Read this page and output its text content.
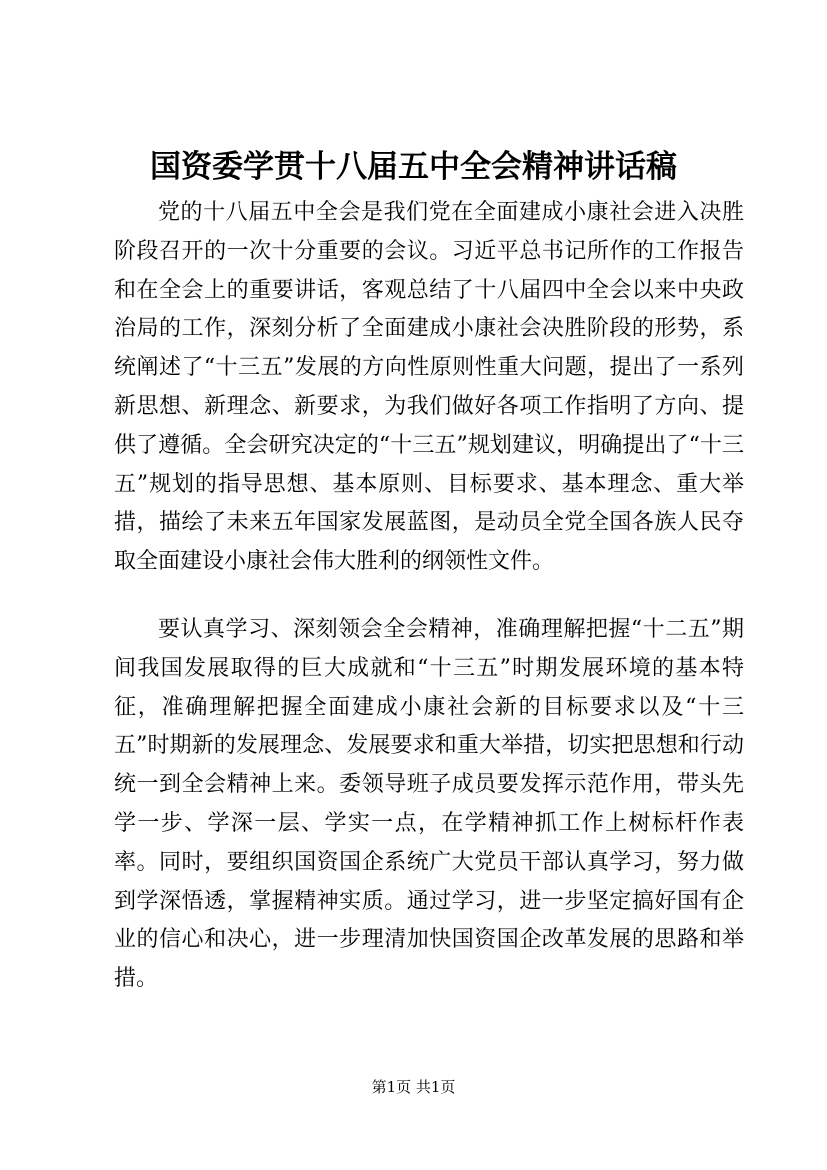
国资委学贯十八届五中全会精神讲话稿

党的十八届五中全会是我们党在全面建成小康社会进入决胜阶段召开的一次十分重要的会议。习近平总书记所作的工作报告和在全会上的重要讲话，客观总结了十八届四中全会以来中央政治局的工作，深刻分析了全面建成小康社会决胜阶段的形势，系统阐述了“十三五”发展的方向性原则性重大问题，提出了一系列新思想、新理念、新要求，为我们做好各项工作指明了方向、提供了遵循。全会研究决定的“十三五”规划建议，明确提出了“十三五”规划的指导思想、基本原则、目标要求、基本理念、重大举措，描绘了未来五年国家发展蓝图，是动员全党全国各族人民夺取全面建设小康社会伟大胜利的纲领性文件。

要认真学习、深刻领会全会精神，准确理解把握“十二五”期间我国发展取得的巨大成就和“十三五”时期发展环境的基本特征，准确理解把握全面建成小康社会新的目标要求以及“十三五”时期新的发展理念、发展要求和重大举措，切实把思想和行动统一到全会精神上来。委领导班子成员要发挥示范作用，带头先学一步、学深一层、学实一点，在学精神抓工作上树标杆作表率。同时，要组织国资国企系统广大党员干部认真学习，努力做到学深悟透，掌握精神实质。通过学习，进一步坚定搞好国有企业的信心和决心，进一步理清加快国资国企改革发展的思路和举措。

第1页 共1页
